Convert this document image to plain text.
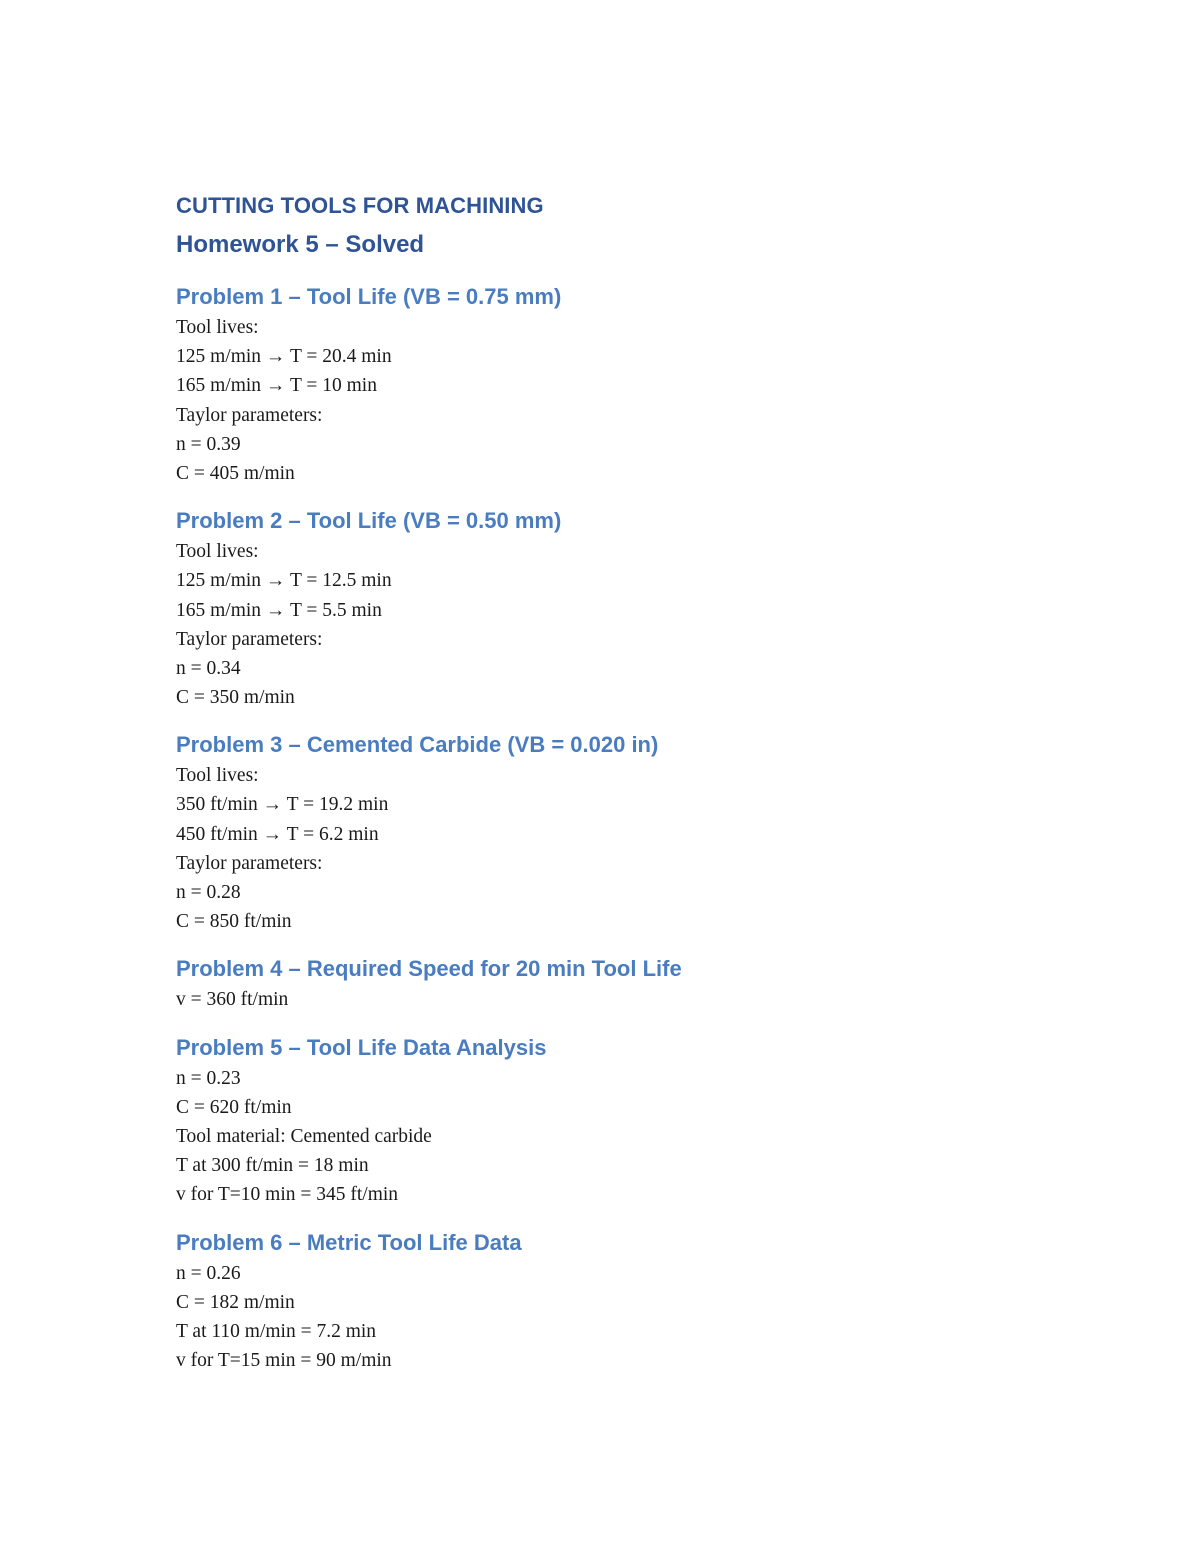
CUTTING TOOLS FOR MACHINING
Homework 5 – Solved
Problem 1 – Tool Life (VB = 0.75 mm)
Tool lives:
125 m/min → T = 20.4 min
165 m/min → T = 10 min
Taylor parameters:
n = 0.39
C = 405 m/min
Problem 2 – Tool Life (VB = 0.50 mm)
Tool lives:
125 m/min → T = 12.5 min
165 m/min → T = 5.5 min
Taylor parameters:
n = 0.34
C = 350 m/min
Problem 3 – Cemented Carbide (VB = 0.020 in)
Tool lives:
350 ft/min → T = 19.2 min
450 ft/min → T = 6.2 min
Taylor parameters:
n = 0.28
C = 850 ft/min
Problem 4 – Required Speed for 20 min Tool Life
v = 360 ft/min
Problem 5 – Tool Life Data Analysis
n = 0.23
C = 620 ft/min
Tool material: Cemented carbide
T at 300 ft/min = 18 min
v for T=10 min = 345 ft/min
Problem 6 – Metric Tool Life Data
n = 0.26
C = 182 m/min
T at 110 m/min = 7.2 min
v for T=15 min = 90 m/min
